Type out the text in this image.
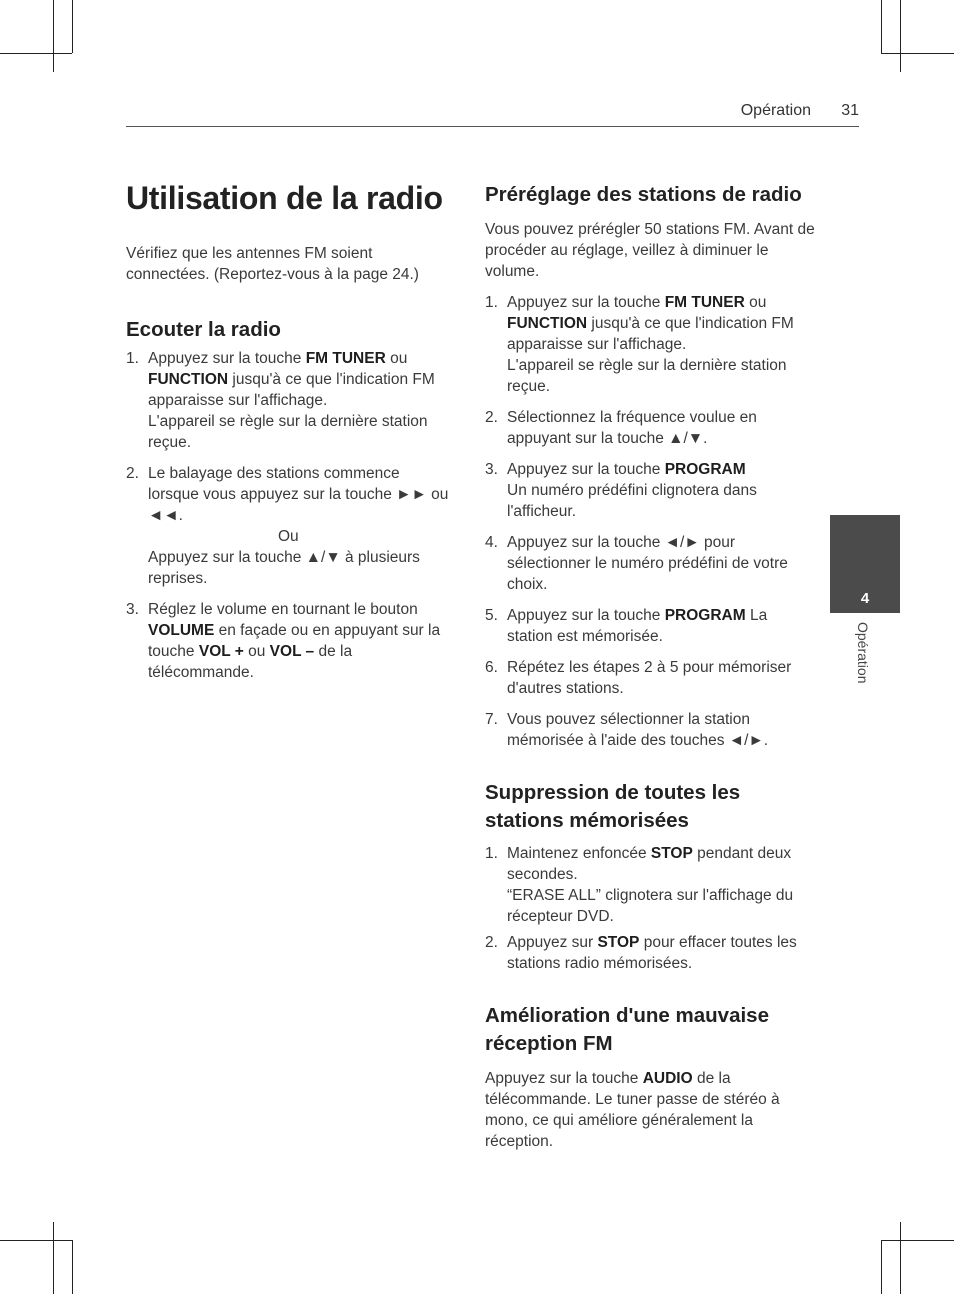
Opération 31
Utilisation de la radio

Vérifiez que les antennes FM soient connectées. (Reportez-vous à la page 24.)

Ecouter la radio
1. Appuyez sur la touche FM TUNER ou FUNCTION jusqu'à ce que l'indication FM apparaisse sur l'affichage.
L'appareil se règle sur la dernière station reçue.
2. Le balayage des stations commence lorsque vous appuyez sur la touche ►► ou ◄◄.

Ou

Appuyez sur la touche ▲/▼ à plusieurs reprises.
3. Réglez le volume en tournant le bouton VOLUME en façade ou en appuyant sur la touche VOL + ou VOL – de la télécommande.
Préréglage des stations de radio

Vous pouvez prérégler 50 stations FM. Avant de procéder au réglage, veillez à diminuer le volume.

1. Appuyez sur la touche FM TUNER ou FUNCTION jusqu'à ce que l'indication FM apparaisse sur l'affichage.
L'appareil se règle sur la dernière station reçue.
2. Sélectionnez la fréquence voulue en appuyant sur la touche ▲/▼.
3. Appuyez sur la touche PROGRAM
Un numéro prédéfini clignotera dans l'afficheur.
4. Appuyez sur la touche ◄/► pour sélectionner le numéro prédéfini de votre choix.
5. Appuyez sur la touche PROGRAM La station est mémorisée.
6. Répétez les étapes 2 à 5 pour mémoriser d'autres stations.
7. Vous pouvez sélectionner la station mémorisée à l'aide des touches ◄/►.
Suppression de toutes les stations mémorisées
1. Maintenez enfoncée STOP pendant deux secondes.
“ERASE ALL” clignotera sur l'affichage du récepteur DVD.
2. Appuyez sur STOP pour effacer toutes les stations radio mémorisées.
Amélioration d'une mauvaise réception FM

Appuyez sur la touche AUDIO de la télécommande. Le tuner passe de stéréo à mono, ce qui améliore généralement la réception.

4
Opération
